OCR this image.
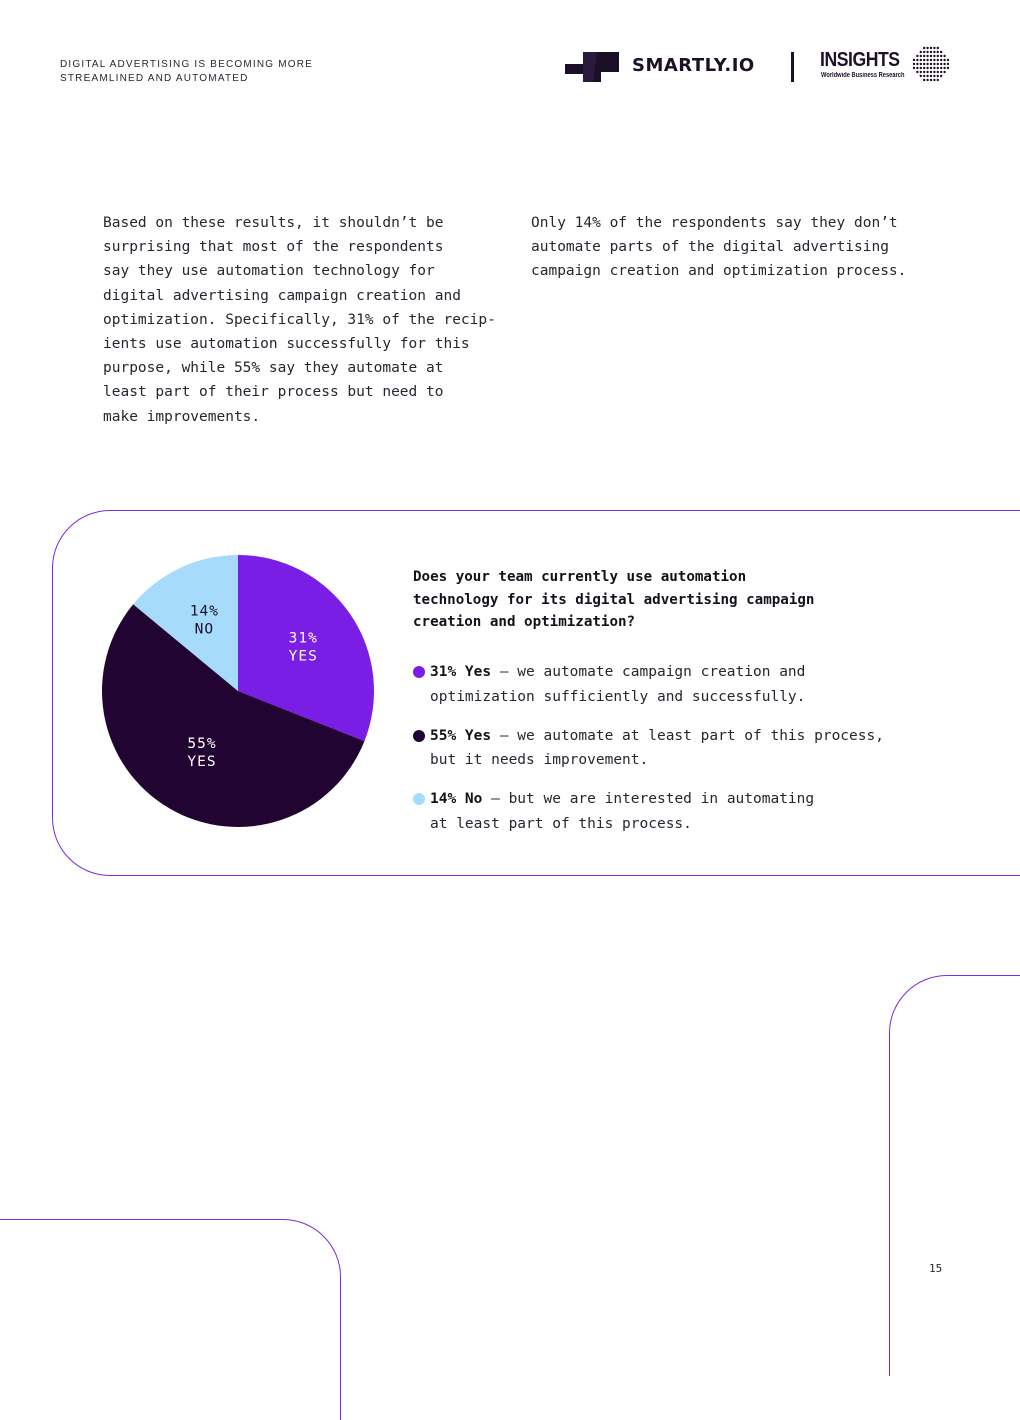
DIGITAL ADVERTISING IS BECOMING MORE
STREAMLINED AND AUTOMATED
SMARTLY.IO	INSIGHTS
Worldwide Business Research

Based on these results, it shouldn’t be
surprising that most of the respondents
say they use automation technology for
digital advertising campaign creation and
optimization. Specifically, 31% of the recip-
ients use automation successfully for this
purpose, while 55% say they automate at
least part of their process but need to
make improvements.

Only 14% of the respondents say they don’t
automate parts of the digital advertising
campaign creation and optimization process.

31%
YES
55%
YES
14%
NO

Does your team currently use automation
technology for its digital advertising campaign
creation and optimization?

31% Yes — we automate campaign creation and
optimization sufficiently and successfully.
55% Yes — we automate at least part of this process,
but it needs improvement.
14% No — but we are interested in automating
at least part of this process.
15
